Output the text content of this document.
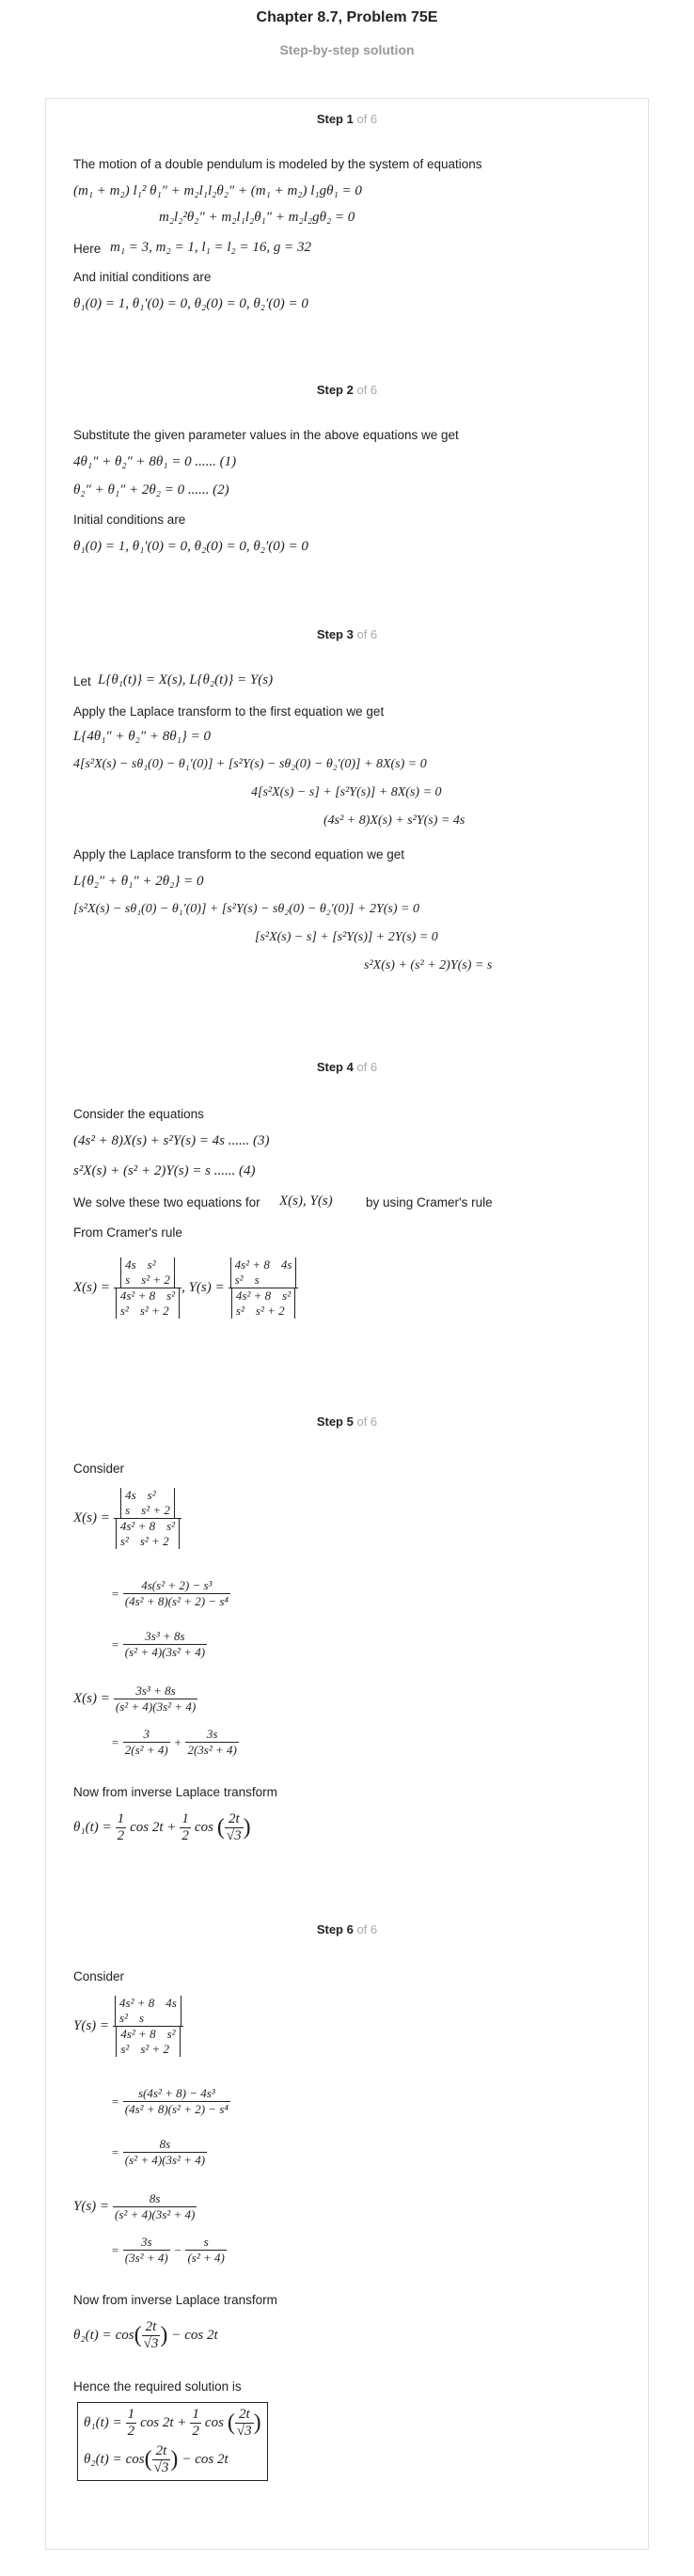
Chapter 8.7, Problem 75E
Step-by-step solution
Step 1 of 6
The motion of a double pendulum is modeled by the system of equations
(m₁ + m₂) l₁² θ₁″ + m₂l₁l₂θ₂″ + (m₁ + m₂) l₁gθ₁ = 0
m₂l₂²θ₂″ + m₂l₁l₂θ₁″ + m₂l₂gθ₂ = 0
Here m₁ = 3, m₂ = 1, l₁ = l₂ = 16, g = 32
And initial conditions are
θ₁(0) = 1, θ₁′(0) = 0, θ₂(0) = 0, θ₂′(0) = 0
Step 2 of 6
Substitute the given parameter values in the above equations we get
4θ₁″ + θ₂″ + 8θ₁ = 0 ...... (1)
θ₂″ + θ₁″ + 2θ₂ = 0 ...... (2)
Initial conditions are
θ₁(0) = 1, θ₁′(0) = 0, θ₂(0) = 0, θ₂′(0) = 0
Step 3 of 6
Let L{θ₁(t)} = X(s), L{θ₂(t)} = Y(s)
Apply the Laplace transform to the first equation we get
L{4θ₁″ + θ₂″ + 8θ₁} = 0
4[s²X(s) − sθ₁(0) − θ₁′(0)] + [s²Y(s) − sθ₂(0) − θ₂′(0)] + 8X(s) = 0
4[s²X(s) − s] + [s²Y(s)] + 8X(s) = 0
(4s² + 8)X(s) + s²Y(s) = 4s
Apply the Laplace transform to the second equation we get
L{θ₂″ + θ₁″ + 2θ₂} = 0
[s²X(s) − sθ₁(0) − θ₁′(0)] + [s²Y(s) − sθ₂(0) − θ₂′(0)] + 2Y(s) = 0
[s²X(s) − s] + [s²Y(s)] + 2Y(s) = 0
s²X(s) + (s² + 2)Y(s) = s
Step 4 of 6
Consider the equations
(4s² + 8)X(s) + s²Y(s) = 4s ...... (3)
s²X(s) + (s² + 2)Y(s) = s ...... (4)
We solve these two equations for X(s), Y(s)	by using Cramer's rule
From Cramer's rule
X(s) = 4s s²
s s² + 2
4s² + 8 s²
s² s² + 2 , Y(s) = 4s² + 8 4s
s² s
4s² + 8 s²
s² s² + 2
Step 5 of 6
Consider
X(s) = 4s s²
s s² + 2
4s² + 8 s²
s² s² + 2
= $\frac{\text{4s(s² + 2) − s³}}{\text{(4s² + 8)(s² + 2) − s⁴}}$
= $\frac{\text{3s³ + 8s}}{\text{(s² + 4)(3s² + 4)}}$
$X(s) = \frac{\text{3s³ + 8s}}{\text{(s² + 4)(3s² + 4)}}$
= $\frac{3}{\text{2(s² + 4)}} + \frac{3s}{\text{2(3s² + 4)}}$
Now from inverse Laplace transform
$\theta_1(t) = \frac{1}{2}$ $\cos 2t + \frac{1}{2}$ cos ( $\frac{2t}{√3}$ )
Step 6 of 6
Consider
Y(s) = 4s² + 8 4s
s² s
4s² + 8 s²
s² s² + 2
= $\frac{\text{s(4s² + 8) − 4s³}}{\text{(4s² + 8)(s² + 2) − s⁴}}$
= $\frac{8s}{\text{(s² + 4)(3s² + 4)}}$
$Y(s) = \frac{8s}{\text{(s² + 4)(3s² + 4)}}$
= $\frac{3s}{\text{(3s² + 4)}} - \frac{s}{\text{(s² + 4)}}$
Now from inverse Laplace transform
θ₂(t) = cos ( $\frac{2t}{√3}$ ) − cos 2t
Hence the required solution is
$\theta_1(t) = \frac{1}{2}$ $\cos 2t + \frac{1}{2}$ cos ( $\frac{2t}{√3}$ )
θ₂(t) = cos ( $\frac{2t}{√3}$ ) − cos 2t
